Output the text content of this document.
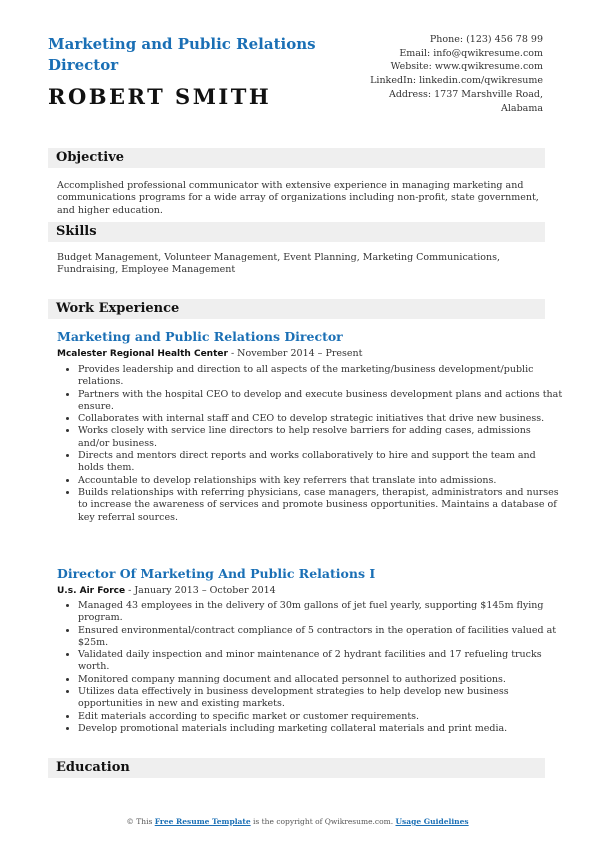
Marketing and Public Relations Director
ROBERT SMITH
Phone: (123) 456 78 99
Email: info@qwikresume.com
Website: www.qwikresume.com
LinkedIn: linkedin.com/qwikresume
Address: 1737 Marshville Road,
Alabama
Objective

Accomplished professional communicator with extensive experience in managing marketing and communications programs for a wide array of organizations including non-profit, state government, and higher education.

Skills

Budget Management, Volunteer Management, Event Planning, Marketing Communications, Fundraising, Employee Management

Work Experience
Marketing and Public Relations Director
Mcalester Regional Health Center - November 2014 – Present
• Provides leadership and direction to all aspects of the marketing/business development/public relations.
• Partners with the hospital CEO to develop and execute business development plans and actions that ensure.
• Collaborates with internal staff and CEO to develop strategic initiatives that drive new business.
• Works closely with service line directors to help resolve barriers for adding cases, admissions and/or business.
• Directs and mentors direct reports and works collaboratively to hire and support the team and holds them.
• Accountable to develop relationships with key referrers that translate into admissions.
• Builds relationships with referring physicians, case managers, therapist, administrators and nurses to increase the awareness of services and promote business opportunities. Maintains a database of key referral sources.
Director Of Marketing And Public Relations I
U.s. Air Force - January 2013 – October 2014
• Managed 43 employees in the delivery of 30m gallons of jet fuel yearly, supporting $145m flying program.
• Ensured environmental/contract compliance of 5 contractors in the operation of facilities valued at $25m.
• Validated daily inspection and minor maintenance of 2 hydrant facilities and 17 refueling trucks worth.
• Monitored company manning document and allocated personnel to authorized positions.
• Utilizes data effectively in business development strategies to help develop new business opportunities in new and existing markets.
• Edit materials according to specific market or customer requirements.
• Develop promotional materials including marketing collateral materials and print media.
Education
© This Free Resume Template is the copyright of Qwikresume.com. Usage Guidelines
